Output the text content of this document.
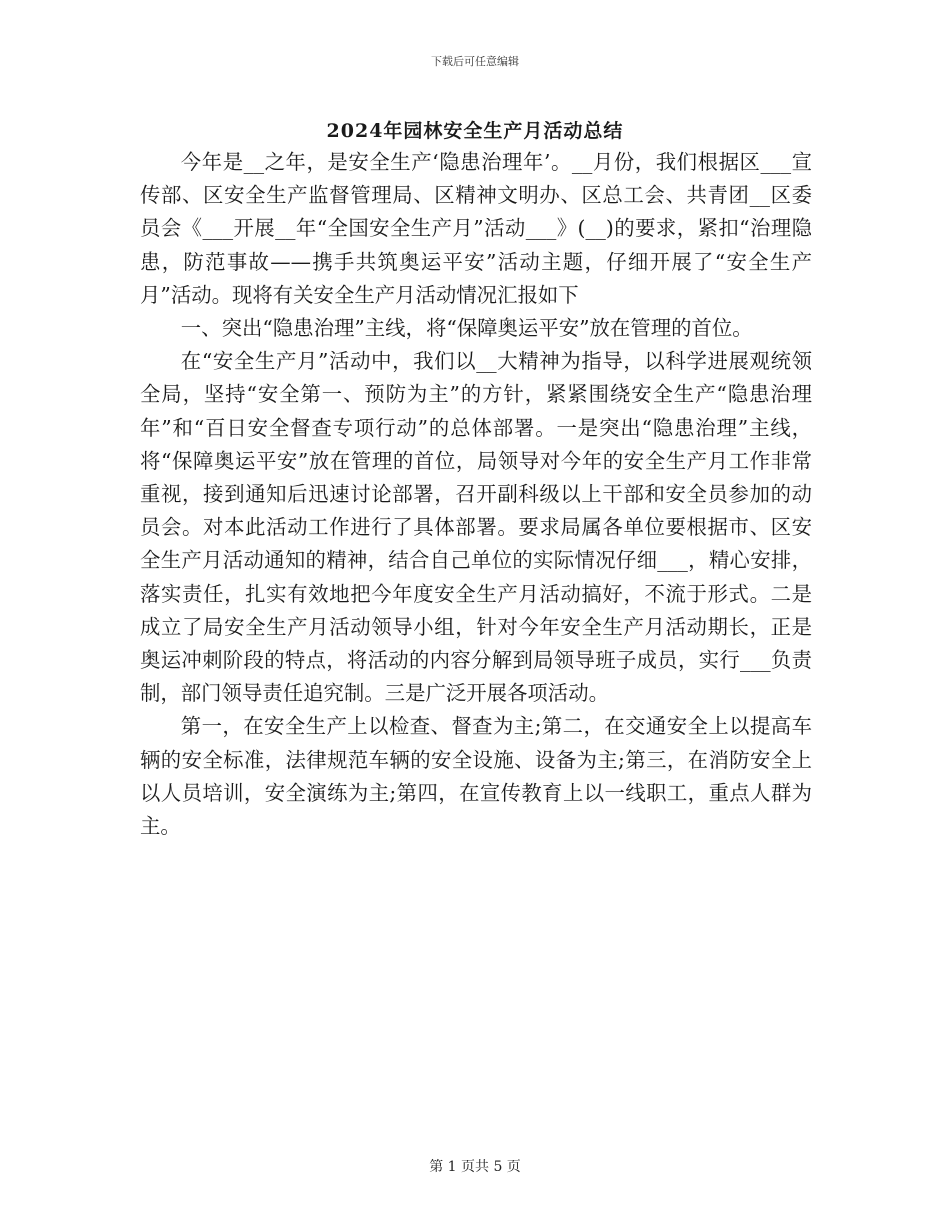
下载后可任意编辑
2024年园林安全生产月活动总结

今年是__之年，是安全生产‘隐患治理年’。__月份，我们根据区___宣传部、区安全生产监督管理局、区精神文明办、区总工会、共青团__区委员会《___开展__年“全国安全生产月”活动___》(__)的要求，紧扣“治理隐患，防范事故——携手共筑奥运平安”活动主题，仔细开展了“安全生产月”活动。现将有关安全生产月活动情况汇报如下

一、突出“隐患治理”主线，将“保障奥运平安”放在管理的首位。

在“安全生产月”活动中，我们以__大精神为指导，以科学进展观统领全局，坚持“安全第一、预防为主”的方针，紧紧围绕安全生产“隐患治理年”和“百日安全督查专项行动”的总体部署。一是突出“隐患治理”主线，将“保障奥运平安”放在管理的首位，局领导对今年的安全生产月工作非常重视，接到通知后迅速讨论部署，召开副科级以上干部和安全员参加的动员会。对本此活动工作进行了具体部署。要求局属各单位要根据市、区安全生产月活动通知的精神，结合自己单位的实际情况仔细___，精心安排，落实责任，扎实有效地把今年度安全生产月活动搞好，不流于形式。二是成立了局安全生产月活动领导小组，针对今年安全生产月活动期长，正是奥运冲刺阶段的特点，将活动的内容分解到局领导班子成员，实行___负责制，部门领导责任追究制。三是广泛开展各项活动。

第一，在安全生产上以检查、督查为主;第二，在交通安全上以提高车辆的安全标准，法律规范车辆的安全设施、设备为主;第三，在消防安全上以人员培训，安全演练为主;第四，在宣传教育上以一线职工，重点人群为主。

第 1 页共 5 页
